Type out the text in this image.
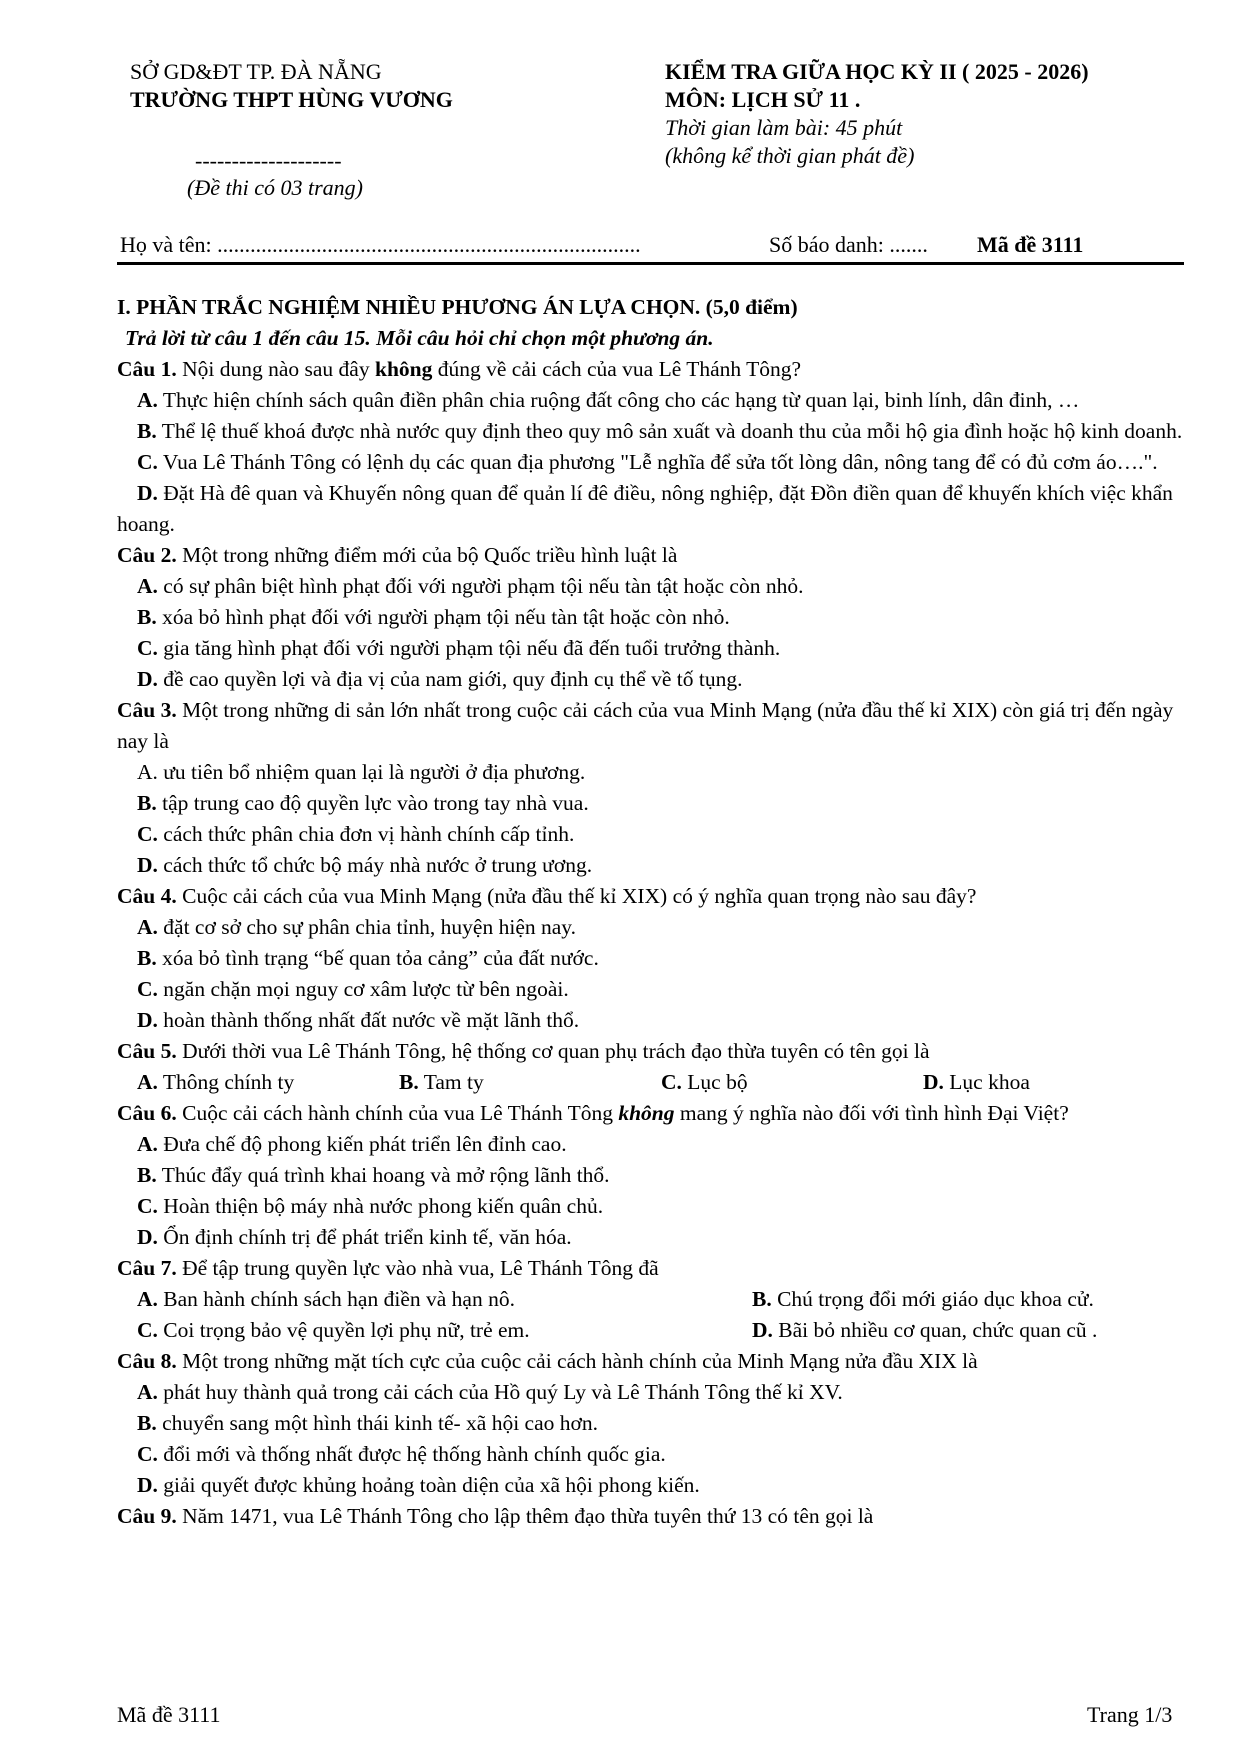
SỞ GD&ĐT TP. ĐÀ NẴNG
TRƯỜNG THPT HÙNG VƯƠNG
--------------------
(Đề thi có 03 trang)
KIỂM TRA GIỮA HỌC KỲ II ( 2025 - 2026)
MÔN: LỊCH SỬ 11 .
Thời gian làm bài: 45 phút
(không kể thời gian phát đề)
Họ và tên: .............................................................................	Số báo danh: ....... Mã đề 3111

I. PHẦN TRẮC NGHIỆM NHIỀU PHƯƠNG ÁN LỰA CHỌN. (5,0 điểm)

Trả lời từ câu 1 đến câu 15. Mỗi câu hỏi chỉ chọn một phương án.

Câu 1. Nội dung nào sau đây không đúng về cải cách của vua Lê Thánh Tông?

A. Thực hiện chính sách quân điền phân chia ruộng đất công cho các hạng từ quan lại, binh lính, dân đinh, …

B. Thể lệ thuế khoá được nhà nước quy định theo quy mô sản xuất và doanh thu của mỗi hộ gia đình hoặc hộ kinh doanh.

C. Vua Lê Thánh Tông có lệnh dụ các quan địa phương "Lễ nghĩa để sửa tốt lòng dân, nông tang để có đủ cơm áo….".

D. Đặt Hà đê quan và Khuyến nông quan để quản lí đê điều, nông nghiệp, đặt Đồn điền quan để khuyến khích việc khẩn hoang.

Câu 2. Một trong những điểm mới của bộ Quốc triều hình luật là

A. có sự phân biệt hình phạt đối với người phạm tội nếu tàn tật hoặc còn nhỏ.

B. xóa bỏ hình phạt đối với người phạm tội nếu tàn tật hoặc còn nhỏ.

C. gia tăng hình phạt đối với người phạm tội nếu đã đến tuổi trưởng thành.

D. đề cao quyền lợi và địa vị của nam giới, quy định cụ thể về tố tụng.

Câu 3. Một trong những di sản lớn nhất trong cuộc cải cách của vua Minh Mạng (nửa đầu thế kỉ XIX) còn giá trị đến ngày nay là

A. ưu tiên bổ nhiệm quan lại là người ở địa phương.

B. tập trung cao độ quyền lực vào trong tay nhà vua.

C. cách thức phân chia đơn vị hành chính cấp tỉnh.

D. cách thức tổ chức bộ máy nhà nước ở trung ương.

Câu 4. Cuộc cải cách của vua Minh Mạng (nửa đầu thế kỉ XIX) có ý nghĩa quan trọng nào sau đây?

A. đặt cơ sở cho sự phân chia tỉnh, huyện hiện nay.

B. xóa bỏ tình trạng “bế quan tỏa cảng” của đất nước.

C. ngăn chặn mọi nguy cơ xâm lược từ bên ngoài.

D. hoàn thành thống nhất đất nước về mặt lãnh thổ.

Câu 5. Dưới thời vua Lê Thánh Tông, hệ thống cơ quan phụ trách đạo thừa tuyên có tên gọi là

A. Thông chính ty	B. Tam ty	C. Lục bộ	D. Lục khoa

Câu 6. Cuộc cải cách hành chính của vua Lê Thánh Tông không mang ý nghĩa nào đối với tình hình Đại Việt?

A. Đưa chế độ phong kiến phát triển lên đỉnh cao.

B. Thúc đẩy quá trình khai hoang và mở rộng lãnh thổ.

C. Hoàn thiện bộ máy nhà nước phong kiến quân chủ.

D. Ổn định chính trị để phát triển kinh tế, văn hóa.

Câu 7. Để tập trung quyền lực vào nhà vua, Lê Thánh Tông đã

A. Ban hành chính sách hạn điền và hạn nô.	B. Chú trọng đổi mới giáo dục khoa cử.
C. Coi trọng bảo vệ quyền lợi phụ nữ, trẻ em.	D. Bãi bỏ nhiều cơ quan, chức quan cũ .

Câu 8. Một trong những mặt tích cực của cuộc cải cách hành chính của Minh Mạng nửa đầu XIX là

A. phát huy thành quả trong cải cách của Hồ quý Ly và Lê Thánh Tông thế kỉ XV.

B. chuyển sang một hình thái kinh tế- xã hội cao hơn.

C. đổi mới và thống nhất được hệ thống hành chính quốc gia.

D. giải quyết được khủng hoảng toàn diện của xã hội phong kiến.

Câu 9. Năm 1471, vua Lê Thánh Tông cho lập thêm đạo thừa tuyên thứ 13 có tên gọi là

Mã đề 3111	Trang 1/3
